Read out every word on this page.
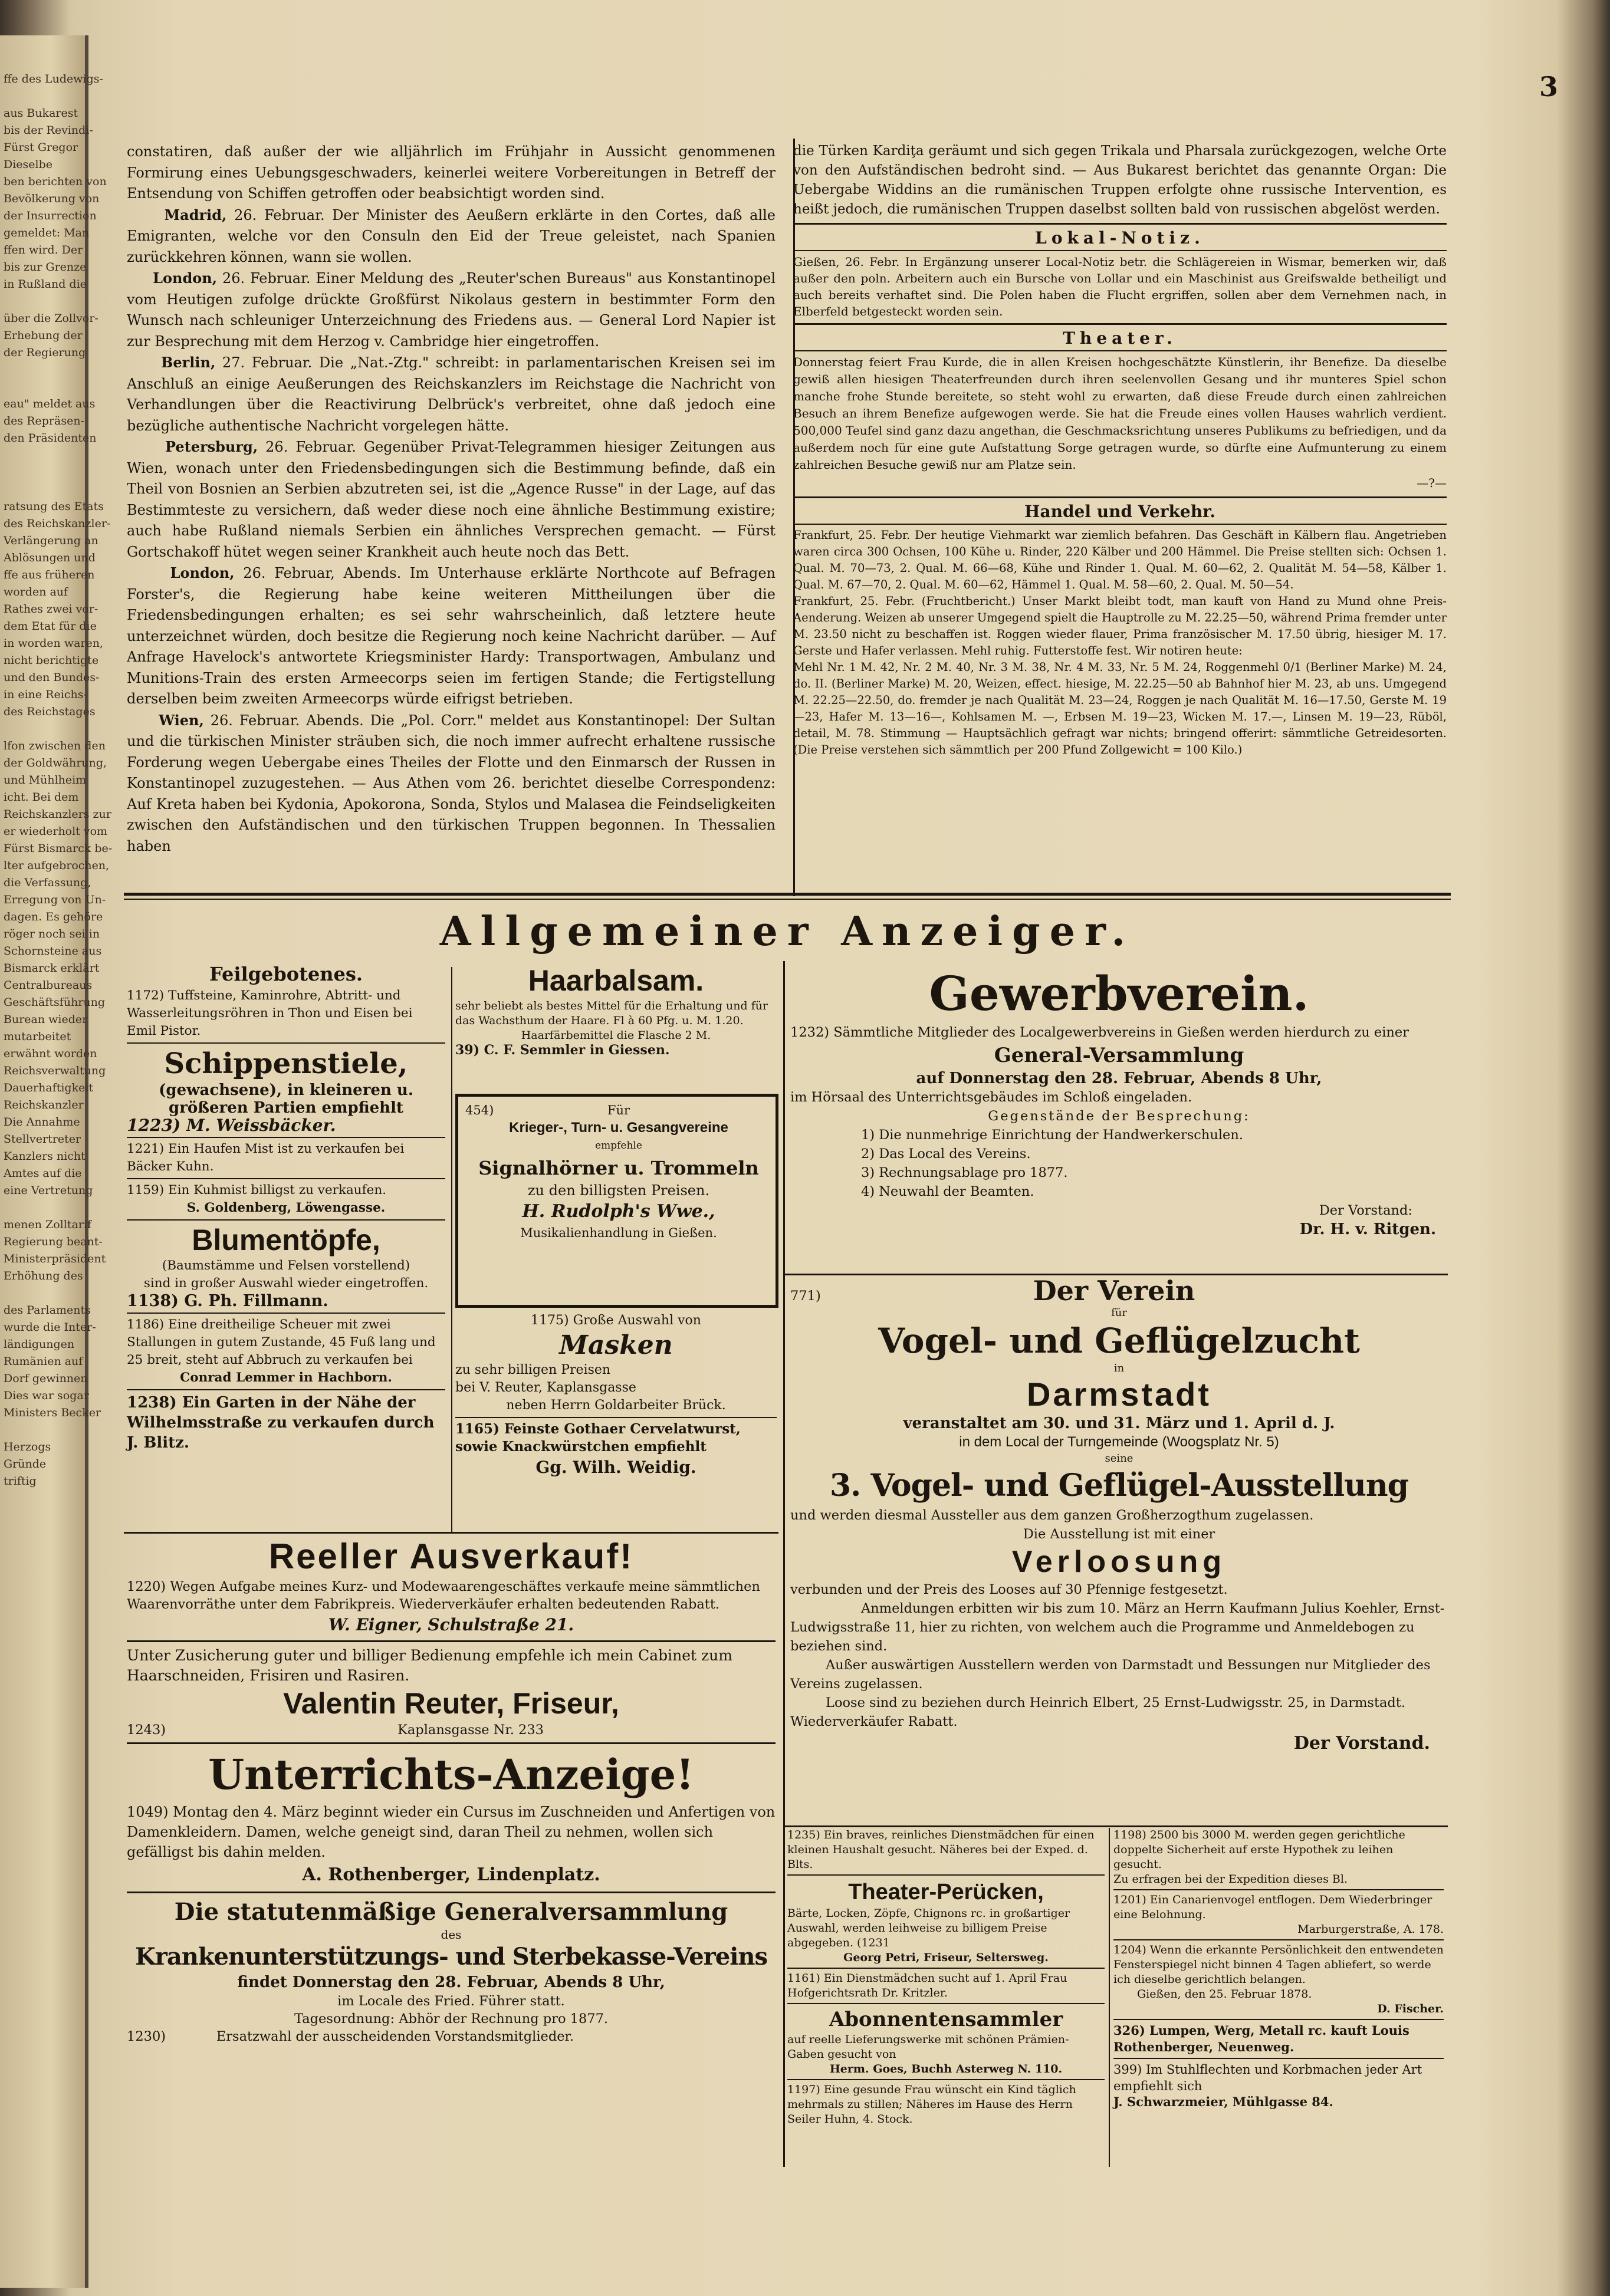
ffe des Ludewigs-

aus Bukarest

bis der Revindi-

Fürst Gregor

Dieselbe

ben berichten von

Bevölkerung von

der Insurrection

gemeldet: Man

ffen wird. Der

bis zur Grenze

in Rußland die

über die Zollvor-

Erhebung der

der Regierung

eau" meldet aus

des Repräsen-

den Präsidenten

ratsung des Etats

des Reichskanzler-

Verlängerung an

Ablösungen und

ffe aus früheren

worden auf

Rathes zwei vor-

dem Etat für die

in worden waren,

nicht berichtigte

und den Bundes-

in eine Reichs-

des Reichstages

lfon zwischen den

der Goldwährung,

und Mühlheim

icht. Bei dem

Reichskanzlers zur

er wiederholt vom

Fürst Bismarck be-

lter aufgebrochen,

die Verfassung,

Erregung von Un-

dagen. Es gehöre

röger noch sei in

Schornsteine aus

Bismarck erklärt

Centralbureaus

Geschäftsführung

Burean wieder

mutarbeitet

erwähnt worden

Reichsverwaltung

Dauerhaftigkeit

Reichskanzler

Die Annahme

Stellvertreter

Kanzlers nicht

Amtes auf die

eine Vertretung

menen Zolltarif

Regierung beant-

Ministerpräsident

Erhöhung des

des Parlaments

wurde die Inter-

ländigungen

Rumänien auf

Dorf gewinnen

Dies war sogar

Ministers Becker

Herzogs

Gründe

triftig

3

constatiren, daß außer der wie alljährlich im Frühjahr in Aussicht genommenen Formirung eines Uebungsgeschwaders, keinerlei weitere Vorbereitungen in Betreff der Entsendung von Schiffen getroffen oder beabsichtigt worden sind.

Madrid, 26. Februar. Der Minister des Aeußern erklärte in den Cortes, daß alle Emigranten, welche vor den Consuln den Eid der Treue geleistet, nach Spanien zurückkehren können, wann sie wollen.

London, 26. Februar. Einer Meldung des „Reuter'schen Bureaus" aus Konstantinopel vom Heutigen zufolge drückte Großfürst Nikolaus gestern in bestimmter Form den Wunsch nach schleuniger Unterzeichnung des Friedens aus. — General Lord Napier ist zur Besprechung mit dem Herzog v. Cambridge hier eingetroffen.

Berlin, 27. Februar. Die „Nat.-Ztg." schreibt: in parlamentarischen Kreisen sei im Anschluß an einige Aeußerungen des Reichskanzlers im Reichstage die Nachricht von Verhandlungen über die Reactivirung Delbrück's verbreitet, ohne daß jedoch eine bezügliche authentische Nachricht vorgelegen hätte.

Petersburg, 26. Februar. Gegenüber Privat-Telegrammen hiesiger Zeitungen aus Wien, wonach unter den Friedensbedingungen sich die Bestimmung befinde, daß ein Theil von Bosnien an Serbien abzutreten sei, ist die „Agence Russe" in der Lage, auf das Bestimmteste zu versichern, daß weder diese noch eine ähnliche Bestimmung existire; auch habe Rußland niemals Serbien ein ähnliches Versprechen gemacht. — Fürst Gortschakoff hütet wegen seiner Krankheit auch heute noch das Bett.

London, 26. Februar, Abends. Im Unterhause erklärte Northcote auf Befragen Forster's, die Regierung habe keine weiteren Mittheilungen über die Friedensbedingungen erhalten; es sei sehr wahrscheinlich, daß letztere heute unterzeichnet würden, doch besitze die Regierung noch keine Nachricht darüber. — Auf Anfrage Havelock's antwortete Kriegsminister Hardy: Transportwagen, Ambulanz und Munitions-Train des ersten Armeecorps seien im fertigen Stande; die Fertigstellung derselben beim zweiten Armeecorps würde eifrigst betrieben.

Wien, 26. Februar. Abends. Die „Pol. Corr." meldet aus Konstantinopel: Der Sultan und die türkischen Minister sträuben sich, die noch immer aufrecht erhaltene russische Forderung wegen Uebergabe eines Theiles der Flotte und den Einmarsch der Russen in Konstantinopel zuzugestehen. — Aus Athen vom 26. berichtet dieselbe Correspondenz: Auf Kreta haben bei Kydonia, Apokorona, Sonda, Stylos und Malasea die Feindseligkeiten zwischen den Aufständischen und den türkischen Truppen begonnen. In Thessalien haben

die Türken Kardiţa geräumt und sich gegen Trikala und Pharsala zurückgezogen, welche Orte von den Aufständischen bedroht sind. — Aus Bukarest berichtet das genannte Organ: Die Uebergabe Widdins an die rumänischen Truppen erfolgte ohne russische Intervention, es heißt jedoch, die rumänischen Truppen daselbst sollten bald von russischen abgelöst werden.

Lokal-Notiz.

Gießen, 26. Febr. In Ergänzung unserer Local-Notiz betr. die Schlägereien in Wismar, bemerken wir, daß außer den poln. Arbeitern auch ein Bursche von Lollar und ein Maschinist aus Greifswalde betheiligt und auch bereits verhaftet sind. Die Polen haben die Flucht ergriffen, sollen aber dem Vernehmen nach, in Elberfeld betgesteckt worden sein.

Theater.

Donnerstag feiert Frau Kurde, die in allen Kreisen hochgeschätzte Künstlerin, ihr Benefize. Da dieselbe gewiß allen hiesigen Theaterfreunden durch ihren seelenvollen Gesang und ihr munteres Spiel schon manche frohe Stunde bereitete, so steht wohl zu erwarten, daß diese Freude durch einen zahlreichen Besuch an ihrem Benefize aufgewogen werde. Sie hat die Freude eines vollen Hauses wahrlich verdient. 500,000 Teufel sind ganz dazu angethan, die Geschmacksrichtung unseres Publikums zu befriedigen, und da außerdem noch für eine gute Aufstattung Sorge getragen wurde, so dürfte eine Aufmunterung zu einem zahlreichen Besuche gewiß nur am Platze sein.

—?—

Handel und Verkehr.

Frankfurt, 25. Febr. Der heutige Viehmarkt war ziemlich befahren. Das Geschäft in Kälbern flau. Angetrieben waren circa 300 Ochsen, 100 Kühe u. Rinder, 220 Kälber und 200 Hämmel. Die Preise stellten sich: Ochsen 1. Qual. M. 70—73, 2. Qual. M. 66—68, Kühe und Rinder 1. Qual. M. 60—62, 2. Qualität M. 54—58, Kälber 1. Qual. M. 67—70, 2. Qual. M. 60—62, Hämmel 1. Qual. M. 58—60, 2. Qual. M. 50—54.

Frankfurt, 25. Febr. (Fruchtbericht.) Unser Markt bleibt todt, man kauft von Hand zu Mund ohne Preis-Aenderung. Weizen ab unserer Umgegend spielt die Hauptrolle zu M. 22.25—50, während Prima fremder unter M. 23.50 nicht zu beschaffen ist. Roggen wieder flauer, Prima französischer M. 17.50 übrig, hiesiger M. 17. Gerste und Hafer verlassen. Mehl ruhig. Futterstoffe fest. Wir notiren heute:

Mehl Nr. 1 M. 42, Nr. 2 M. 40, Nr. 3 M. 38, Nr. 4 M. 33, Nr. 5 M. 24, Roggenmehl 0/1 (Berliner Marke) M. 24, do. II. (Berliner Marke) M. 20, Weizen, effect. hiesige, M. 22.25—50 ab Bahnhof hier M. 23, ab uns. Umgegend M. 22.25—22.50, do. fremder je nach Qualität M. 23—24, Roggen je nach Qualität M. 16—17.50, Gerste M. 19—23, Hafer M. 13—16—, Kohlsamen M. —, Erbsen M. 19—23, Wicken M. 17.—, Linsen M. 19—23, Rüböl, detail, M. 78. Stimmung — Hauptsächlich gefragt war nichts; bringend offerirt: sämmtliche Getreidesorten. (Die Preise verstehen sich sämmtlich per 200 Pfund Zollgewicht = 100 Kilo.)

Allgemeiner Anzeiger.

Feilgebotenes.

1172) Tuffsteine, Kaminrohre, Abtritt- und Wasserleitungsröhren in Thon und Eisen bei Emil Pistor.

Schippenstiele,

(gewachsene), in kleineren u.

größeren Partien empfiehlt

1223) M. Weissbäcker.

1221) Ein Haufen Mist ist zu verkaufen bei Bäcker Kuhn.

1159) Ein Kuhmist billigst zu verkaufen.

S. Goldenberg, Löwengasse.

Blumentöpfe,

(Baumstämme und Felsen vorstellend)

sind in großer Auswahl wieder eingetroffen.

1138) G. Ph. Fillmann.

1186) Eine dreitheilige Scheuer mit zwei Stallungen in gutem Zustande, 45 Fuß lang und 25 breit, steht auf Abbruch zu verkaufen bei

Conrad Lemmer in Hachborn.

1238) Ein Garten in der Nähe der Wilhelmsstraße zu verkaufen durch J. Blitz.

Haarbalsam.

sehr beliebt als bestes Mittel für die Erhaltung und für das Wachsthum der Haare. Fl à 60 Pfg. u. M. 1.20.

Haarfärbemittel die Flasche 2 M.

39) C. F. Semmler in Giessen.

454)	Für

Krieger-, Turn- u. Gesangvereine

empfehle

Signalhörner u. Trommeln

zu den billigsten Preisen.

H. Rudolph's Wwe.,

Musikalienhandlung in Gießen.

1175) Große Auswahl von

Masken

zu sehr billigen Preisen

bei V. Reuter, Kaplansgasse

neben Herrn Goldarbeiter Brück.

1165) Feinste Gothaer Cervelatwurst, sowie Knackwürstchen empfiehlt

Gg. Wilh. Weidig.

Reeller Ausverkauf!

1220) Wegen Aufgabe meines Kurz- und Modewaarengeschäftes verkaufe meine sämmtlichen Waarenvorräthe unter dem Fabrikpreis. Wiederverkäufer erhalten bedeutenden Rabatt.

W. Eigner, Schulstraße 21.

Unter Zusicherung guter und billiger Bedienung empfehle ich mein Cabinet zum Haarschneiden, Frisiren und Rasiren.

Valentin Reuter, Friseur,

1243)	Kaplansgasse Nr. 233

Unterrichts-Anzeige!

1049) Montag den 4. März beginnt wieder ein Cursus im Zuschneiden und Anfertigen von Damenkleidern. Damen, welche geneigt sind, daran Theil zu nehmen, wollen sich gefälligst bis dahin melden.

A. Rothenberger, Lindenplatz.

Die statutenmäßige Generalversammlung

des

Krankenunterstützungs- und Sterbekasse-Vereins

findet Donnerstag den 28. Februar, Abends 8 Uhr,

im Locale des Fried. Führer statt.

Tagesordnung: Abhör der Rechnung pro 1877.

1230)	Ersatzwahl der ausscheidenden Vorstandsmitglieder.

Gewerbverein.

1232) Sämmtliche Mitglieder des Localgewerbvereins in Gießen werden hierdurch zu einer

General-Versammlung

auf Donnerstag den 28. Februar, Abends 8 Uhr,

im Hörsaal des Unterrichtsgebäudes im Schloß eingeladen.

Gegenstände der Besprechung:

1) Die nunmehrige Einrichtung der Handwerkerschulen.

2) Das Local des Vereins.

3) Rechnungsablage pro 1877.

4) Neuwahl der Beamten.

Der Vorstand:

Dr. H. v. Ritgen.

771)	Der Verein

für

Vogel- und Geflügelzucht

in

Darmstadt

veranstaltet am 30. und 31. März und 1. April d. J.

in dem Local der Turngemeinde (Woogsplatz Nr. 5)

seine

3. Vogel- und Geflügel-Ausstellung

und werden diesmal Aussteller aus dem ganzen Großherzogthum zugelassen.

Die Ausstellung ist mit einer

Verloosung

verbunden und der Preis des Looses auf 30 Pfennige festgesetzt.

Anmeldungen erbitten wir bis zum 10. März an Herrn Kaufmann Julius Koehler, Ernst-Ludwigsstraße 11, hier zu richten, von welchem auch die Programme und Anmeldebogen zu beziehen sind.

Außer auswärtigen Ausstellern werden von Darmstadt und Bessungen nur Mitglieder des Vereins zugelassen.

Loose sind zu beziehen durch Heinrich Elbert, 25 Ernst-Ludwigsstr. 25, in Darmstadt. Wiederverkäufer Rabatt.

Der Vorstand.

1235) Ein braves, reinliches Dienstmädchen für einen kleinen Haushalt gesucht. Näheres bei der Exped. d. Blts.

Theater-Perücken,

Bärte, Locken, Zöpfe, Chignons rc. in großartiger Auswahl, werden leihweise zu billigem Preise abgegeben. (1231

Georg Petri, Friseur, Seltersweg.

1161) Ein Dienstmädchen sucht auf 1. April Frau Hofgerichtsrath Dr. Kritzler.

Abonnentensammler

auf reelle Lieferungswerke mit schönen Prämien-Gaben gesucht von

Herm. Goes, Buchh Asterweg N. 110.

1197) Eine gesunde Frau wünscht ein Kind täglich mehrmals zu stillen; Näheres im Hause des Herrn Seiler Huhn, 4. Stock.

1198) 2500 bis 3000 M. werden gegen gerichtliche doppelte Sicherheit auf erste Hypothek zu leihen gesucht.

Zu erfragen bei der Expedition dieses Bl.

1201) Ein Canarienvogel entflogen. Dem Wiederbringer eine Belohnung.

Marburgerstraße, A. 178.

1204) Wenn die erkannte Persönlichkeit den entwendeten Fensterspiegel nicht binnen 4 Tagen abliefert, so werde ich dieselbe gerichtlich belangen.

Gießen, den 25. Februar 1878.

D. Fischer.

326) Lumpen, Werg, Metall rc. kauft Louis Rothenberger, Neuenweg.

399) Im Stuhlflechten und Korbmachen jeder Art empfiehlt sich

J. Schwarzmeier, Mühlgasse 84.
